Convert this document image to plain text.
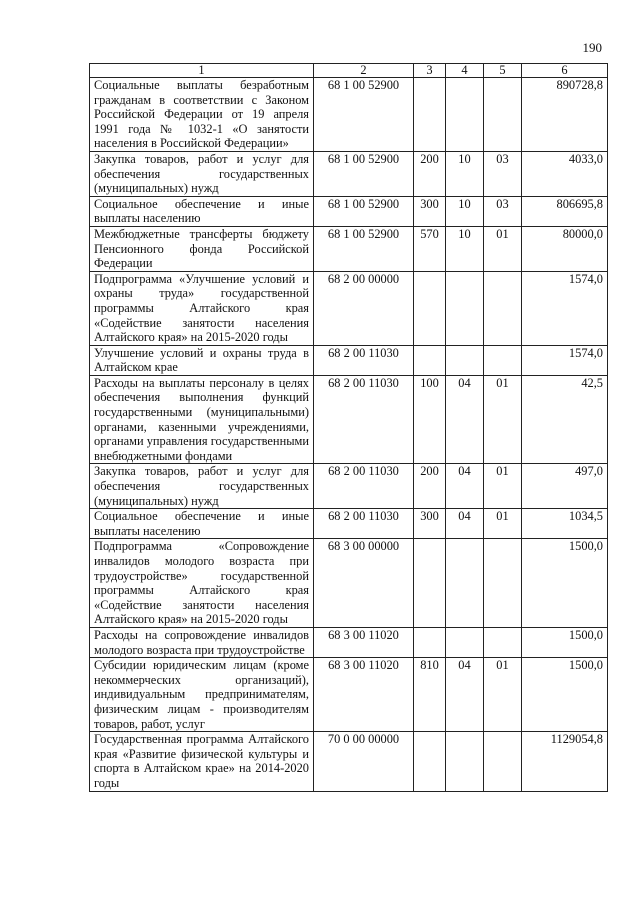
190
1	2	3	4	5	6
Социальные выплаты безработным гражданам в соответствии с Законом Российской Федерации от 19 апреля 1991 года № 1032-1 «О занятости населения в Российской Федерации»	68 1 00 52900				890728,8
Закупка товаров, работ и услуг для обеспечения государственных (муниципальных) нужд	68 1 00 52900	200	10	03	4033,0
Социальное обеспечение и иные выплаты населению	68 1 00 52900	300	10	03	806695,8
Межбюджетные трансферты бюджету Пенсионного фонда Российской Федерации	68 1 00 52900	570	10	01	80000,0
Подпрограмма «Улучшение условий и охраны труда» государственной программы Алтайского края «Содействие занятости населения Алтайского края» на 2015-2020 годы	68 2 00 00000				1574,0
Улучшение условий и охраны труда в Алтайском крае	68 2 00 11030				1574,0
Расходы на выплаты персоналу в целях обеспечения выполнения функций государственными (муниципальными) органами, казенными учреждениями, органами управления государственными внебюджетными фондами	68 2 00 11030	100	04	01	42,5
Закупка товаров, работ и услуг для обеспечения государственных (муниципальных) нужд	68 2 00 11030	200	04	01	497,0
Социальное обеспечение и иные выплаты населению	68 2 00 11030	300	04	01	1034,5
Подпрограмма «Сопровождение инвалидов молодого возраста при трудоустройстве» государственной программы Алтайского края «Содействие занятости населения Алтайского края» на 2015-2020 годы	68 3 00 00000				1500,0
Расходы на сопровождение инвалидов молодого возраста при трудоустройстве	68 3 00 11020				1500,0
Субсидии юридическим лицам (кроме некоммерческих организаций), индивидуальным предпринимателям, физическим лицам - производителям товаров, работ, услуг	68 3 00 11020	810	04	01	1500,0
Государственная программа Алтайского края «Развитие физической культуры и спорта в Алтайском крае» на 2014-2020 годы	70 0 00 00000				1129054,8
